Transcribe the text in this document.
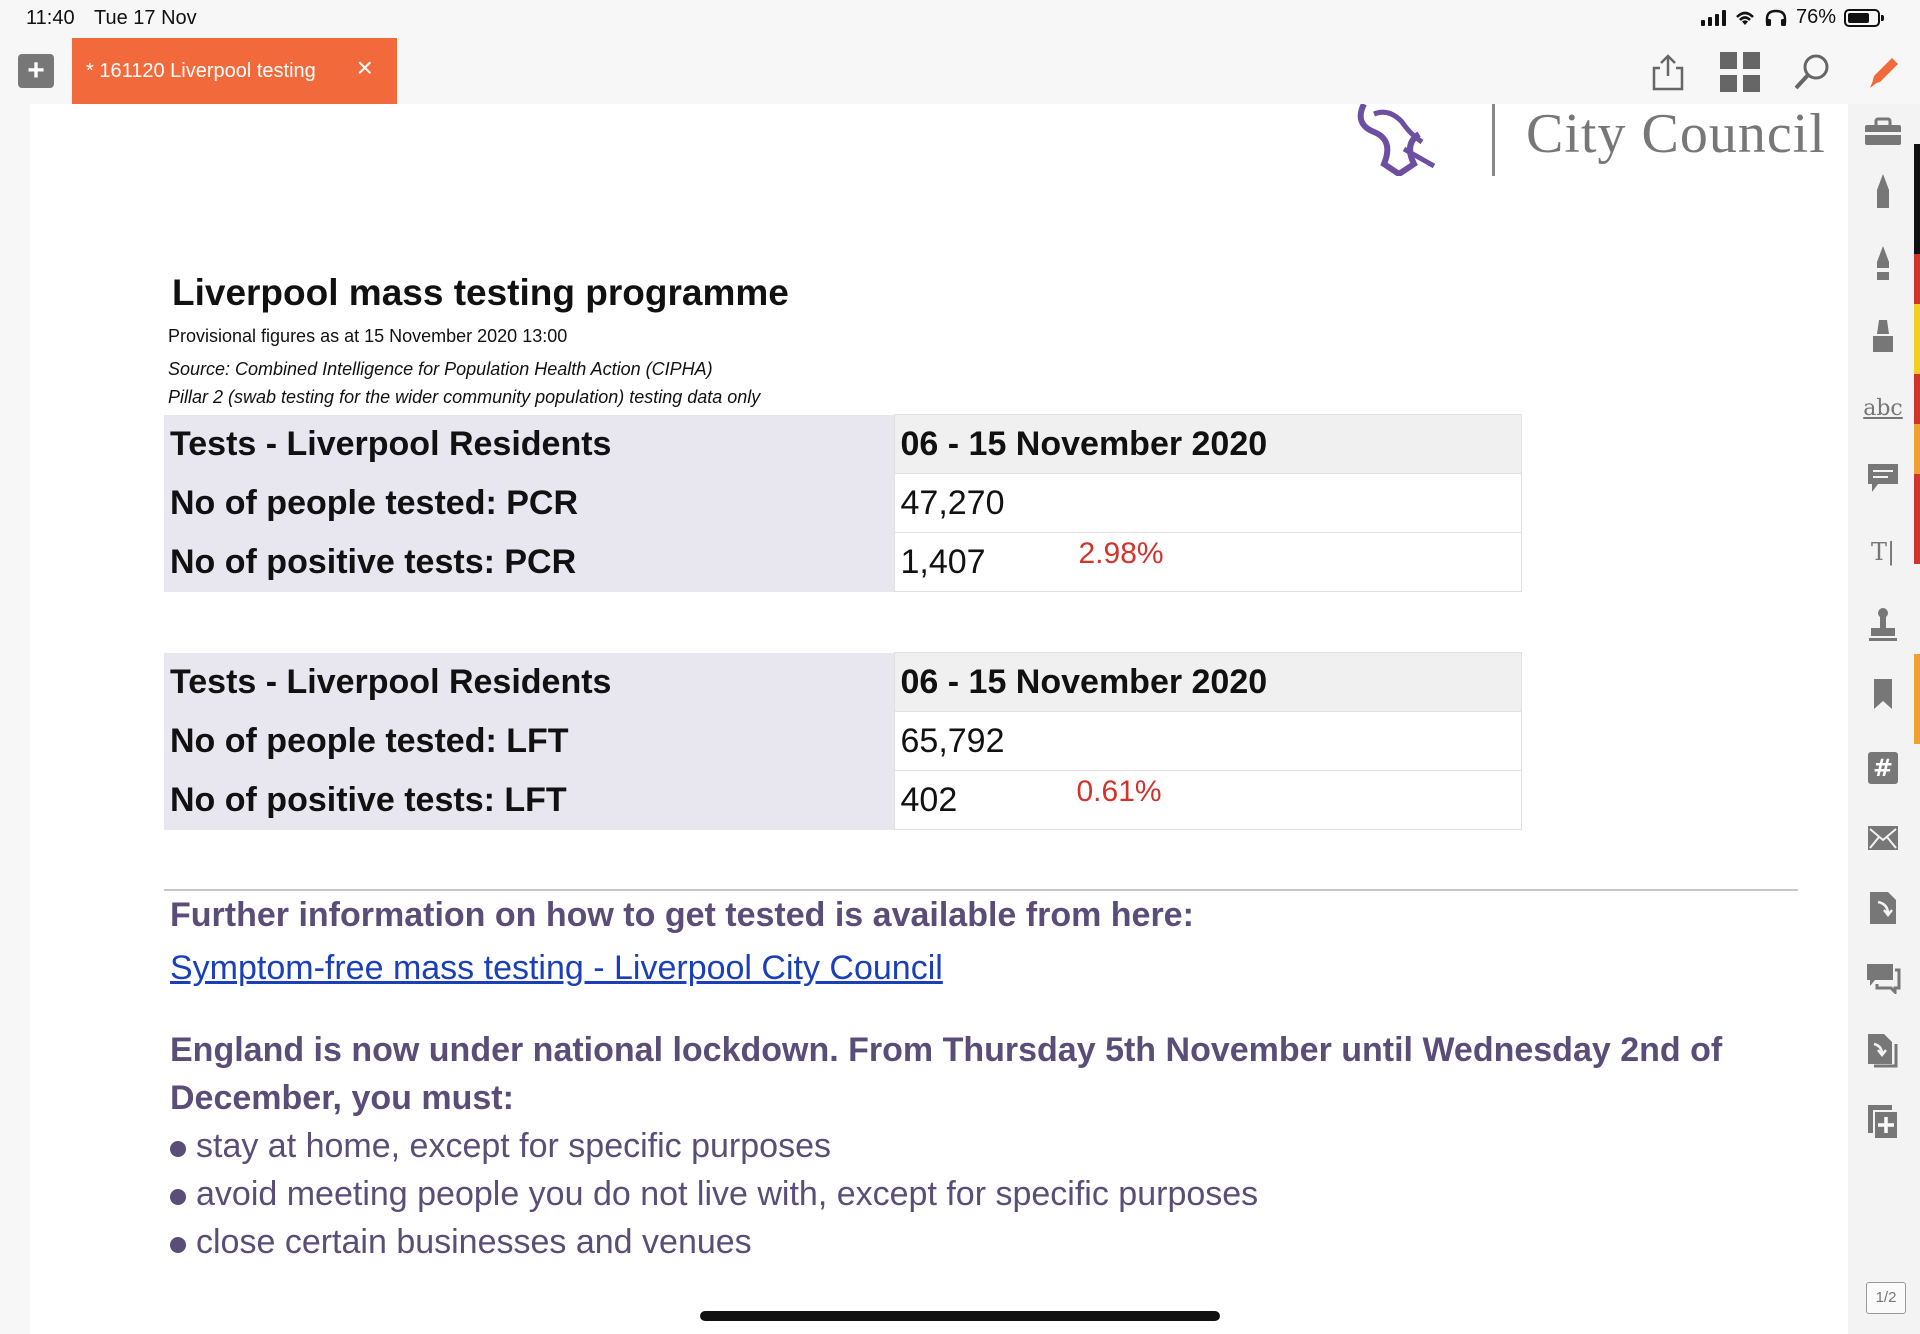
11:40 Tue 17 Nov	76%
+	* 161120 Liverpool testing ×
City Council
Liverpool mass testing programme
Provisional figures as at 15 November 2020 13:00
Source: Combined Intelligence for Population Health Action (CIPHA)
Pillar 2 (swab testing for the wider community population) testing data only
Tests - Liverpool Residents	06 - 15 November 2020
No of people tested: PCR	47,270
No of positive tests: PCR	1,407 2.98%
Tests - Liverpool Residents	06 - 15 November 2020
No of people tested: LFT	65,792
No of positive tests: LFT	402 0.61%
Further information on how to get tested is available from here:
Symptom-free mass testing - Liverpool City Council
England is now under national lockdown. From Thursday 5th November until Wednesday 2nd of December, you must:
stay at home, except for specific purposes
avoid meeting people you do not live with, except for specific purposes
close certain businesses and venues
abc
T|
#
1/2
